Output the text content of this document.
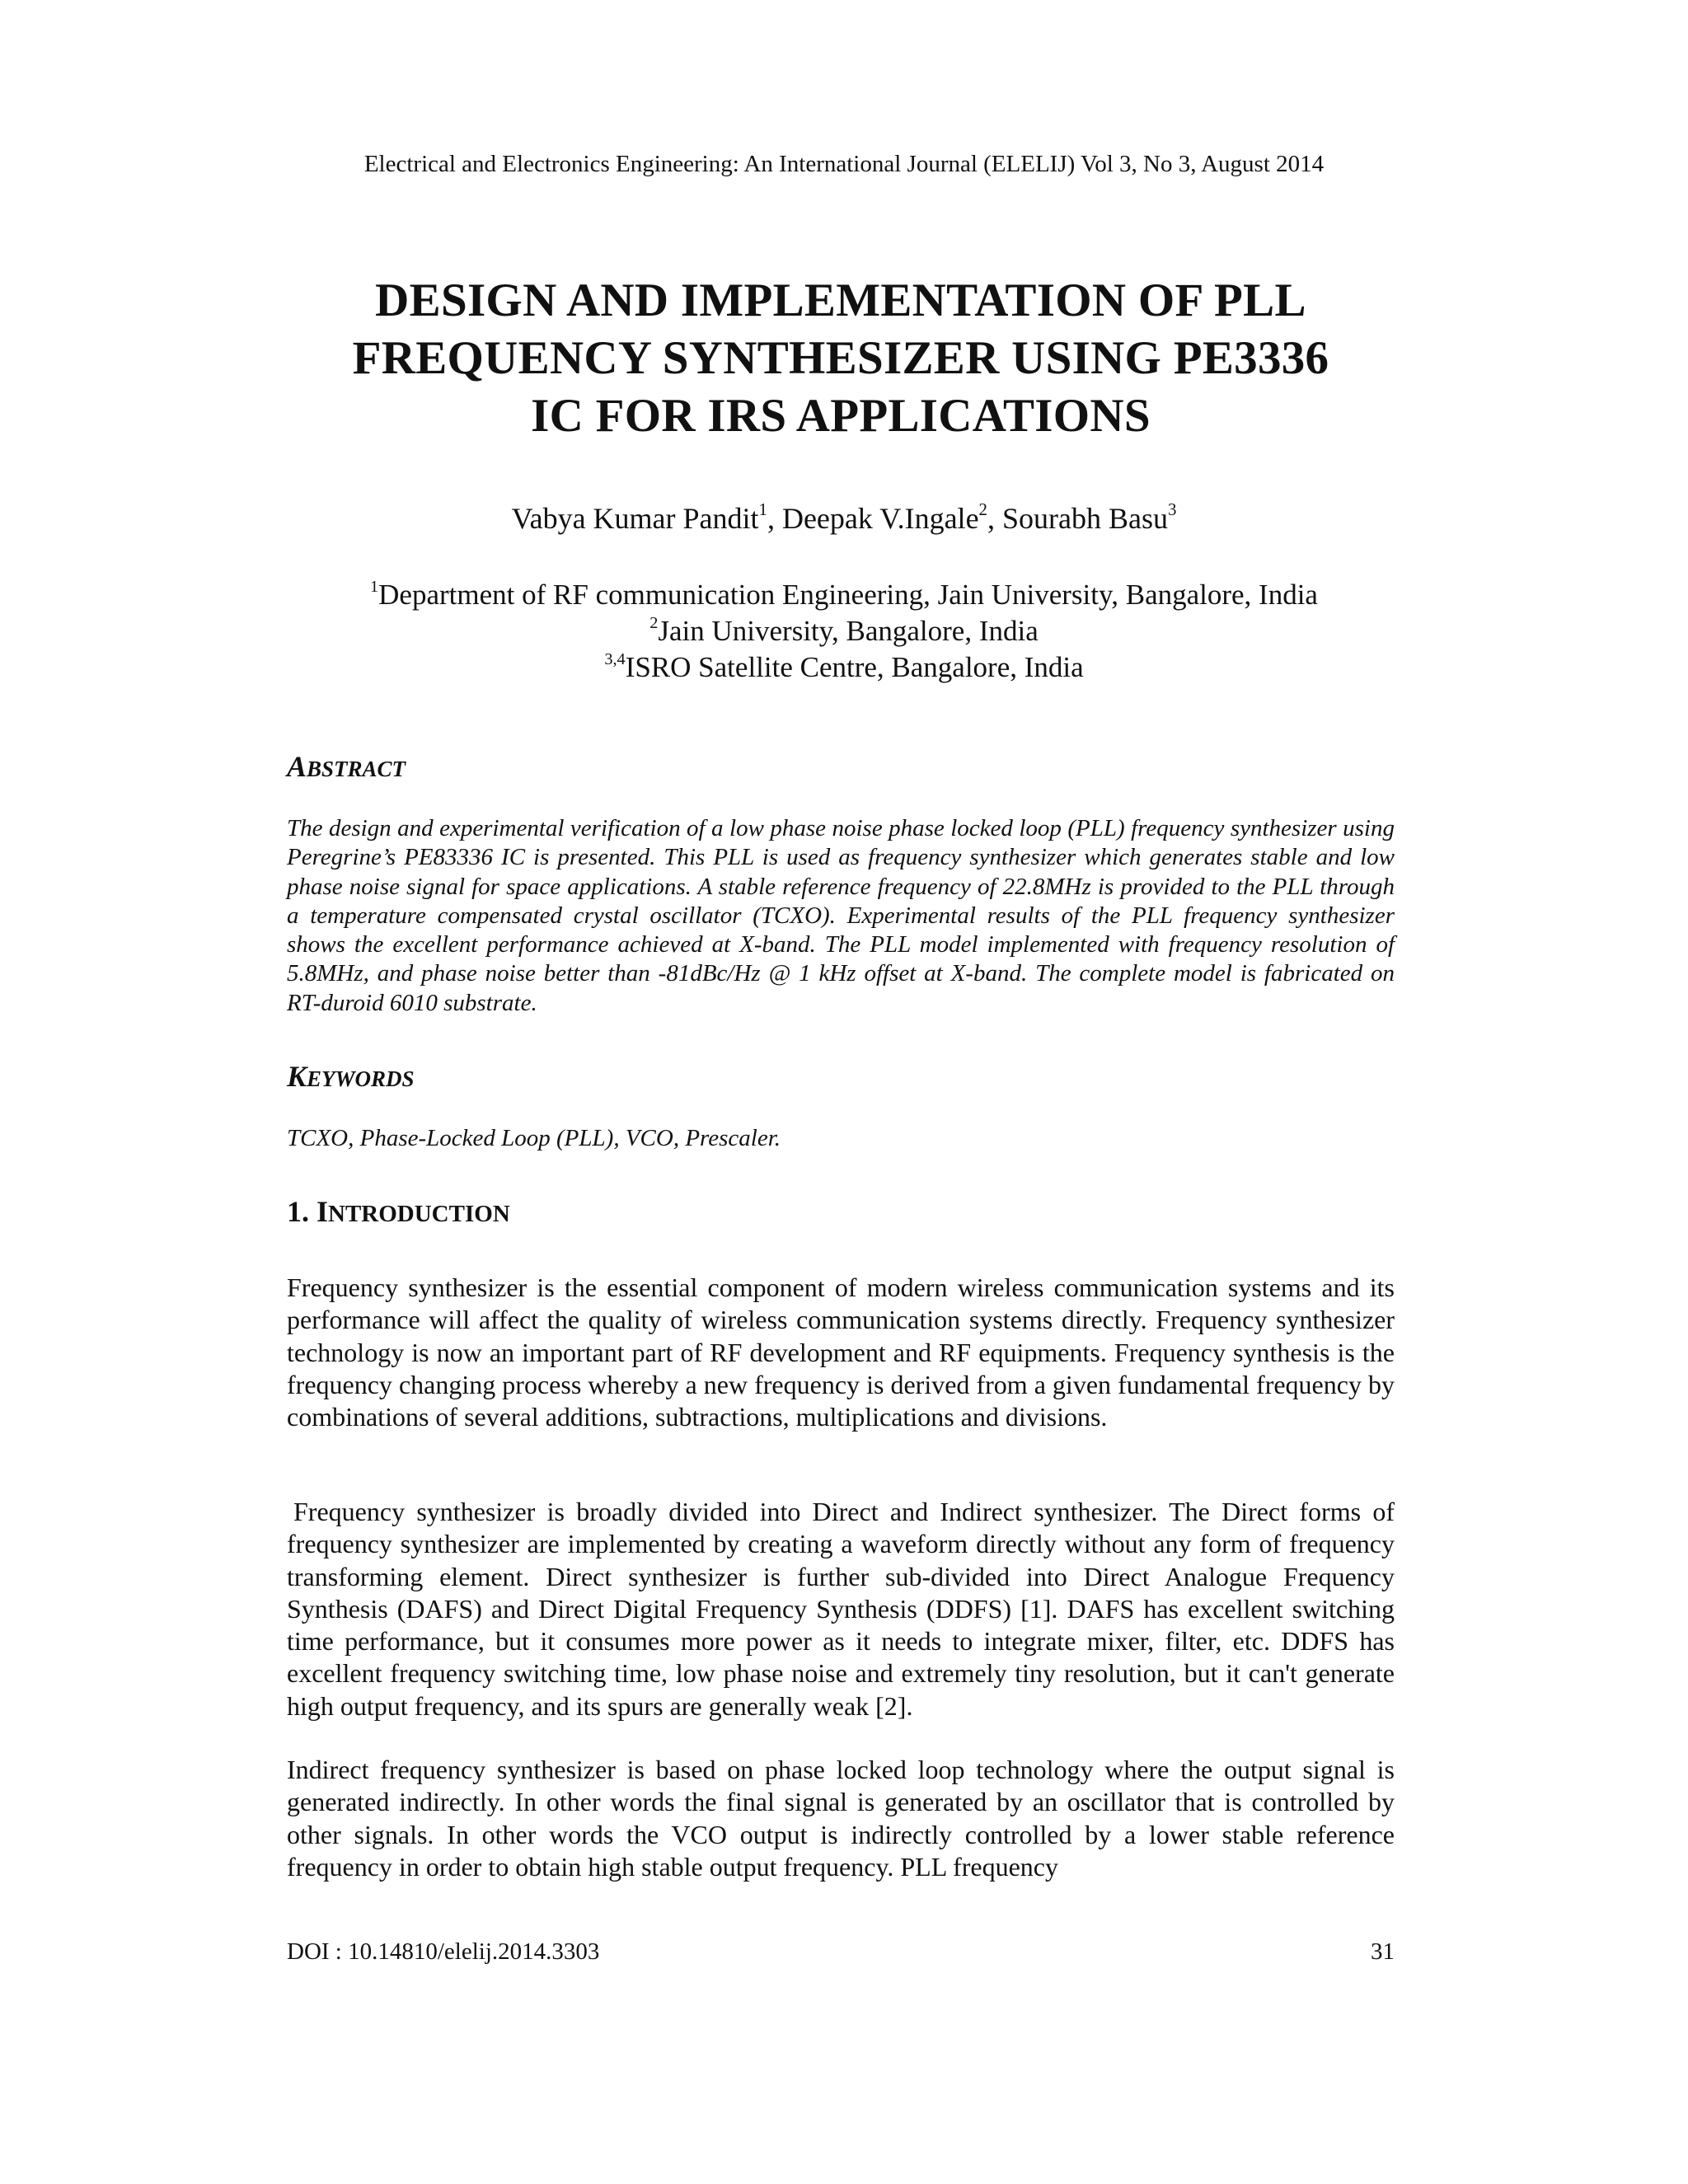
Electrical and Electronics Engineering: An International Journal (ELELIJ) Vol 3, No 3, August 2014
DESIGN AND IMPLEMENTATION OF PLL
FREQUENCY SYNTHESIZER USING PE3336
IC FOR IRS APPLICATIONS
Vabya Kumar Pandit$^1$, Deepak V.Ingale$^2$, Sourabh Basu$^3$
$^1$Department of RF communication Engineering, Jain University, Bangalore, India
$^2$Jain University, Bangalore, India
$^{3,4}$ISRO Satellite Centre, Bangalore, India
ABSTRACT

The design and experimental verification of a low phase noise phase locked loop (PLL) frequency synthesizer using Peregrine’s PE83336 IC is presented. This PLL is used as frequency synthesizer which generates stable and low phase noise signal for space applications. A stable reference frequency of 22.8MHz is provided to the PLL through a temperature compensated crystal oscillator (TCXO). Experimental results of the PLL frequency synthesizer shows the excellent performance achieved at X-band. The PLL model implemented with frequency resolution of 5.8MHz, and phase noise better than -81dBc/Hz @ 1 kHz offset at X-band. The complete model is fabricated on RT-duroid 6010 substrate.

KEYWORDS

TCXO, Phase-Locked Loop (PLL), VCO, Prescaler.

1. INTRODUCTION

Frequency synthesizer is the essential component of modern wireless communication systems and its performance will affect the quality of wireless communication systems directly. Frequency synthesizer technology is now an important part of RF development and RF equipments. Frequency synthesis is the frequency changing process whereby a new frequency is derived from a given fundamental frequency by combinations of several additions, subtractions, multiplications and divisions.

Frequency synthesizer is broadly divided into Direct and Indirect synthesizer. The Direct forms of frequency synthesizer are implemented by creating a waveform directly without any form of frequency transforming element. Direct synthesizer is further sub-divided into Direct Analogue Frequency Synthesis (DAFS) and Direct Digital Frequency Synthesis (DDFS) [1]. DAFS has excellent switching time performance, but it consumes more power as it needs to integrate mixer, filter, etc. DDFS has excellent frequency switching time, low phase noise and extremely tiny resolution, but it can't generate high output frequency, and its spurs are generally weak [2].

Indirect frequency synthesizer is based on phase locked loop technology where the output signal is generated indirectly. In other words the final signal is generated by an oscillator that is controlled by other signals. In other words the VCO output is indirectly controlled by a lower stable reference frequency in order to obtain high stable output frequency. PLL frequency

DOI : 10.14810/elelij.2014.3303	31
